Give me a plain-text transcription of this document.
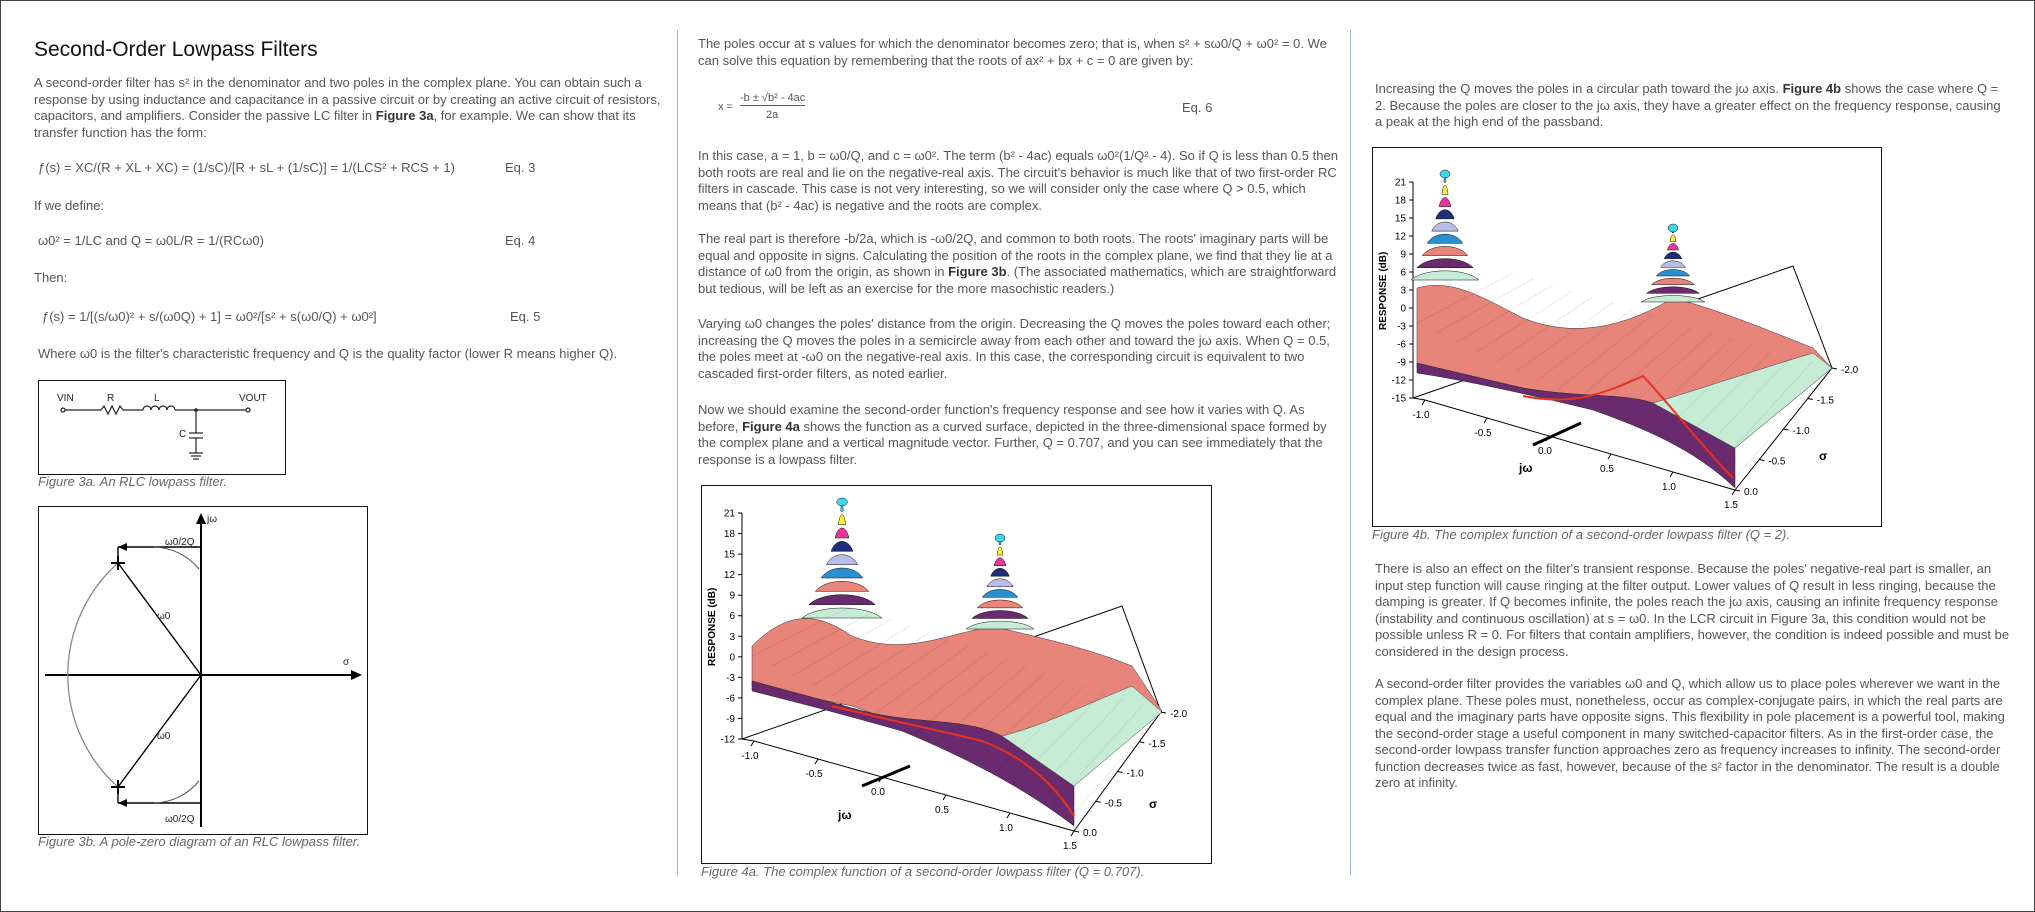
Second-Order Lowpass Filters

A second-order filter has s² in the denominator and two poles in the complex plane. You can obtain such a response by using inductance and capacitance in a passive circuit or by creating an active circuit of resistors, capacitors, and amplifiers. Consider the passive LC filter in Figure 3a, for example. We can show that its transfer function has the form:

ƒ(s) = XC/(R + XL + XC) = (1/sC)/[R + sL + (1/sC)] = 1/(LCS² + RCS + 1)	Eq. 3
If we define:
ω0² = 1/LC and Q = ω0L/R = 1/(RCω0)	Eq. 4
Then:
ƒ(s) = 1/[(s/ω0)² + s/(ω0Q) + 1] = ω0²/[s² + s(ω0/Q) + ω0²]	Eq. 5
Where ω0 is the filter's characteristic frequency and Q is the quality factor (lower R means higher Q).
VIN	R	L	VOUT
C
Figure 3a. An RLC lowpass filter.
jω
σ
ω0/2Q
ω0/2Q
ω0
ω0
Figure 3b. A pole-zero diagram of an RLC lowpass filter.

The poles occur at s values for which the denominator becomes zero; that is, when s² + sω0/Q + ω0² = 0. We can solve this equation by remembering that the roots of ax² + bx + c = 0 are given by:

x =
-b ± √b² - 4ac
2a	Eq. 6

In this case, a = 1, b = ω0/Q, and c = ω0². The term (b² - 4ac) equals ω0²(1/Q² - 4). So if Q is less than 0.5 then both roots are real and lie on the negative-real axis. The circuit's behavior is much like that of two first-order RC filters in cascade. This case is not very interesting, so we will consider only the case where Q > 0.5, which means that (b² - 4ac) is negative and the roots are complex.

The real part is therefore -b/2a, which is -ω0/2Q, and common to both roots. The roots' imaginary parts will be equal and opposite in signs. Calculating the position of the roots in the complex plane, we find that they lie at a distance of ω0 from the origin, as shown in Figure 3b. (The associated mathematics, which are straightforward but tedious, will be left as an exercise for the more masochistic readers.)

Varying ω0 changes the poles' distance from the origin. Decreasing the Q moves the poles toward each other; increasing the Q moves the poles in a semicircle away from each other and toward the jω axis. When Q = 0.5, the poles meet at -ω0 on the negative-real axis. In this case, the corresponding circuit is equivalent to two cascaded first-order filters, as noted earlier.

Now we should examine the second-order function's frequency response and see how it varies with Q. As before, Figure 4a shows the function as a curved surface, depicted in the three-dimensional space formed by the complex plane and a vertical magnitude vector. Further, Q = 0.707, and you can see immediately that the response is a lowpass filter.

21
18
15
12
9
6
3
0
-3
-6
-9
-12
RESPONSE (dB)
-1.0
-0.5
0.0
0.5
1.0
1.5
jω
-2.0
-1.5
-1.0
-0.5
0.0
σ
Figure 4a. The complex function of a second-order lowpass filter (Q = 0.707).

Increasing the Q moves the poles in a circular path toward the jω axis. Figure 4b shows the case where Q = 2. Because the poles are closer to the jω axis, they have a greater effect on the frequency response, causing a peak at the high end of the passband.

21
18
15
12
9
6
3
0
-3
-6
-9
-12
-15
RESPONSE (dB)
-1.0
-0.5
0.0
0.5
1.0
1.5
jω
-2.0
-1.5
-1.0
-0.5
0.0
σ
Figure 4b. The complex function of a second-order lowpass filter (Q = 2).

There is also an effect on the filter's transient response. Because the poles' negative-real part is smaller, an input step function will cause ringing at the filter output. Lower values of Q result in less ringing, because the damping is greater. If Q becomes infinite, the poles reach the jω axis, causing an infinite frequency response (instability and continuous oscillation) at s = ω0. In the LCR circuit in Figure 3a, this condition would not be possible unless R = 0. For filters that contain amplifiers, however, the condition is indeed possible and must be considered in the design process.

A second-order filter provides the variables ω0 and Q, which allow us to place poles wherever we want in the complex plane. These poles must, nonetheless, occur as complex-conjugate pairs, in which the real parts are equal and the imaginary parts have opposite signs. This flexibility in pole placement is a powerful tool, making the second-order stage a useful component in many switched-capacitor filters. As in the first-order case, the second-order lowpass transfer function approaches zero as frequency increases to infinity. The second-order function decreases twice as fast, however, because of the s² factor in the denominator. The result is a double zero at infinity.
